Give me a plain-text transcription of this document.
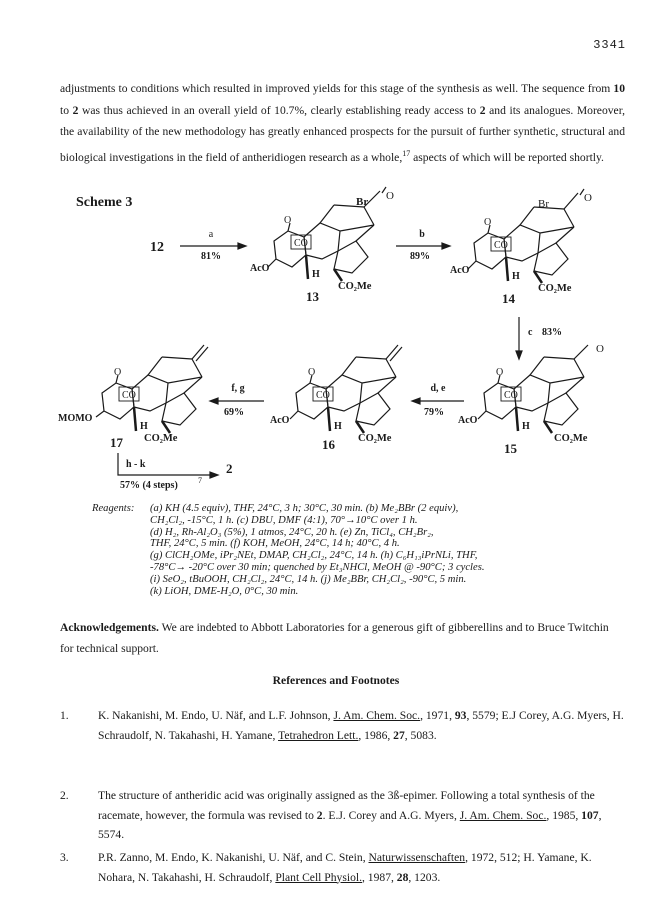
3341
adjustments to conditions which resulted in improved yields for this stage of the synthesis as well. The sequence from 10 to 2 was thus achieved in an overall yield of 10.7%, clearly establishing ready access to 2 and its analogues. Moreover, the availability of the new methodology has greatly enhanced prospects for the pursuit of further synthetic, structural and biological investigations in the field of antheridiogen research as a whole,$^{17}$ aspects of which will be reported shortly.
Scheme 3
12
a
81%
Br O
O
CO
AcO
H
CO₂Me
13
b
89%
Br	O
O
CO
AcO
H
CO₂Me
14
c 83%
O
O
CO
AcO
H
CO₂Me
15
d, e
79%
O
CO
AcO
H
CO₂Me
16
f, g
69%
O
CO
MOMO
H
CO₂Me
17
h - k
57% (4 steps)	7
2
Reagents: (a) KH (4.5 equiv), THF, 24°C, 3 h; 30°C, 30 min. (b) Me₂BBr (2 equiv),
CH₂Cl₂, -15°C, 1 h. (c) DBU, DMF (4:1), 70°→10°C over 1 h.
(d) H₂, Rh-Al₂O₃ (5%), 1 atmos, 24°C, 20 h. (e) Zn, TiCl₄, CH₂Br₂,
THF, 24°C, 5 min. (f) KOH, MeOH, 24°C, 14 h; 40°C, 4 h.
(g) ClCH₂OMe, iPr₂NEt, DMAP, CH₂Cl₂, 24°C, 14 h. (h) C₆H₁₃iPrNLi, THF,
-78°C→ -20°C over 30 min; quenched by Et₃NHCl, MeOH @ -90°C; 3 cycles.
(i) SeO₂, tBuOOH, CH₂Cl₂, 24°C, 14 h. (j) Me₂BBr, CH₂Cl₂, -90°C, 5 min.
(k) LiOH, DME-H₂O, 0°C, 30 min.
Acknowledgements. We are indebted to Abbott Laboratories for a generous gift of gibberellins and to Bruce Twitchin for technical support.
References and Footnotes
1.	K. Nakanishi, M. Endo, U. Näf, and L.F. Johnson, J. Am. Chem. Soc., 1971, 93, 5579; E.J Corey, A.G. Myers, H. Schraudolf, N. Takahashi, H. Yamane, Tetrahedron Lett., 1986, 27, 5083.
2.	The structure of antheridic acid was originally assigned as the 3ß-epimer. Following a total synthesis of the racemate, however, the formula was revised to 2. E.J. Corey and A.G. Myers, J. Am. Chem. Soc., 1985, 107, 5574.
3.	P.R. Zanno, M. Endo, K. Nakanishi, U. Näf, and C. Stein, Naturwissenschaften, 1972, 512; H. Yamane, K. Nohara, N. Takahashi, H. Schraudolf, Plant Cell Physiol., 1987, 28, 1203.
